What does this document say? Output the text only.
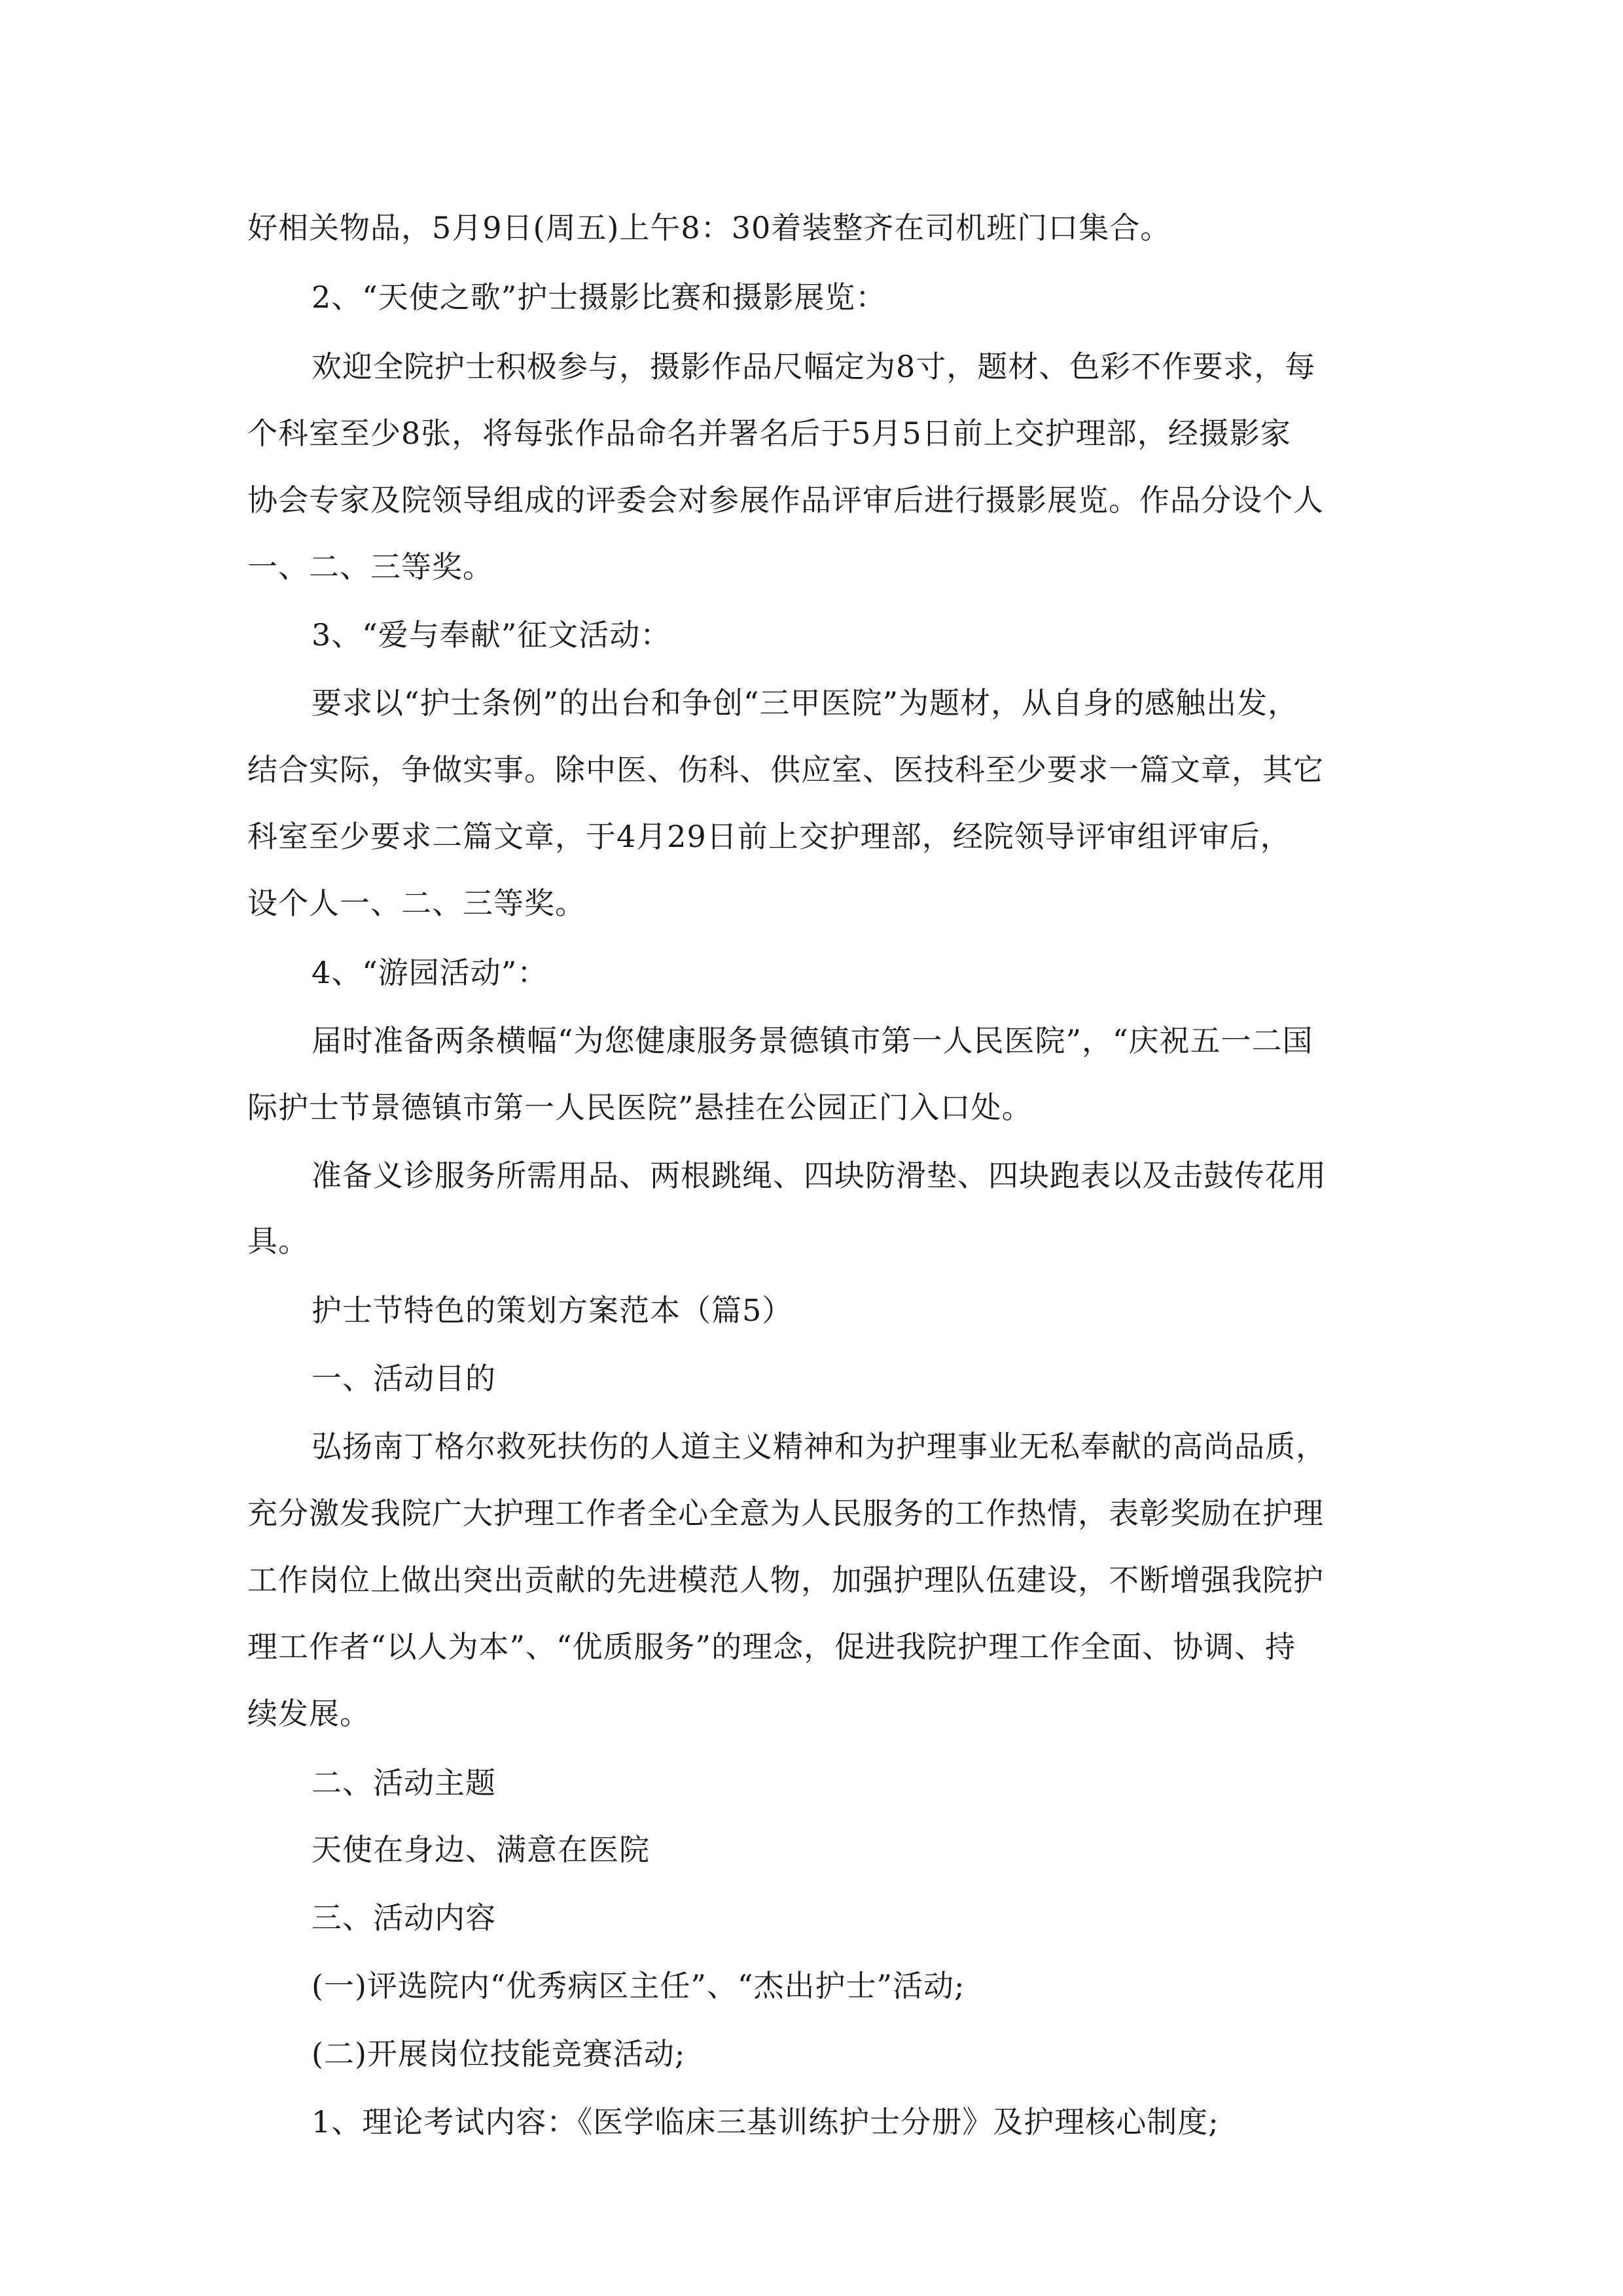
好相关物品，5月9日(周五)上午8：30着装整齐在司机班门口集合。
2、“天使之歌”护士摄影比赛和摄影展览：
欢迎全院护士积极参与，摄影作品尺幅定为8寸，题材、色彩不作要求，每
个科室至少8张，将每张作品命名并署名后于5月5日前上交护理部，经摄影家
协会专家及院领导组成的评委会对参展作品评审后进行摄影展览。作品分设个人
一、二、三等奖。
3、“爱与奉献”征文活动：
要求以“护士条例”的出台和争创“三甲医院”为题材，从自身的感触出发，
结合实际，争做实事。除中医、伤科、供应室、医技科至少要求一篇文章，其它
科室至少要求二篇文章，于4月29日前上交护理部，经院领导评审组评审后，
设个人一、二、三等奖。
4、“游园活动”：
届时准备两条横幅“为您健康服务景德镇市第一人民医院”，“庆祝五一二国
际护士节景德镇市第一人民医院”悬挂在公园正门入口处。
准备义诊服务所需用品、两根跳绳、四块防滑垫、四块跑表以及击鼓传花用
具。
护士节特色的策划方案范本（篇5）
一、活动目的
弘扬南丁格尔救死扶伤的人道主义精神和为护理事业无私奉献的高尚品质，
充分激发我院广大护理工作者全心全意为人民服务的工作热情，表彰奖励在护理
工作岗位上做出突出贡献的先进模范人物，加强护理队伍建设，不断增强我院护
理工作者“以人为本”、“优质服务”的理念，促进我院护理工作全面、协调、持
续发展。
二、活动主题
天使在身边、满意在医院
三、活动内容
(一)评选院内“优秀病区主任”、“杰出护士”活动;
(二)开展岗位技能竞赛活动;
1、理论考试内容：《医学临床三基训练护士分册》及护理核心制度;
